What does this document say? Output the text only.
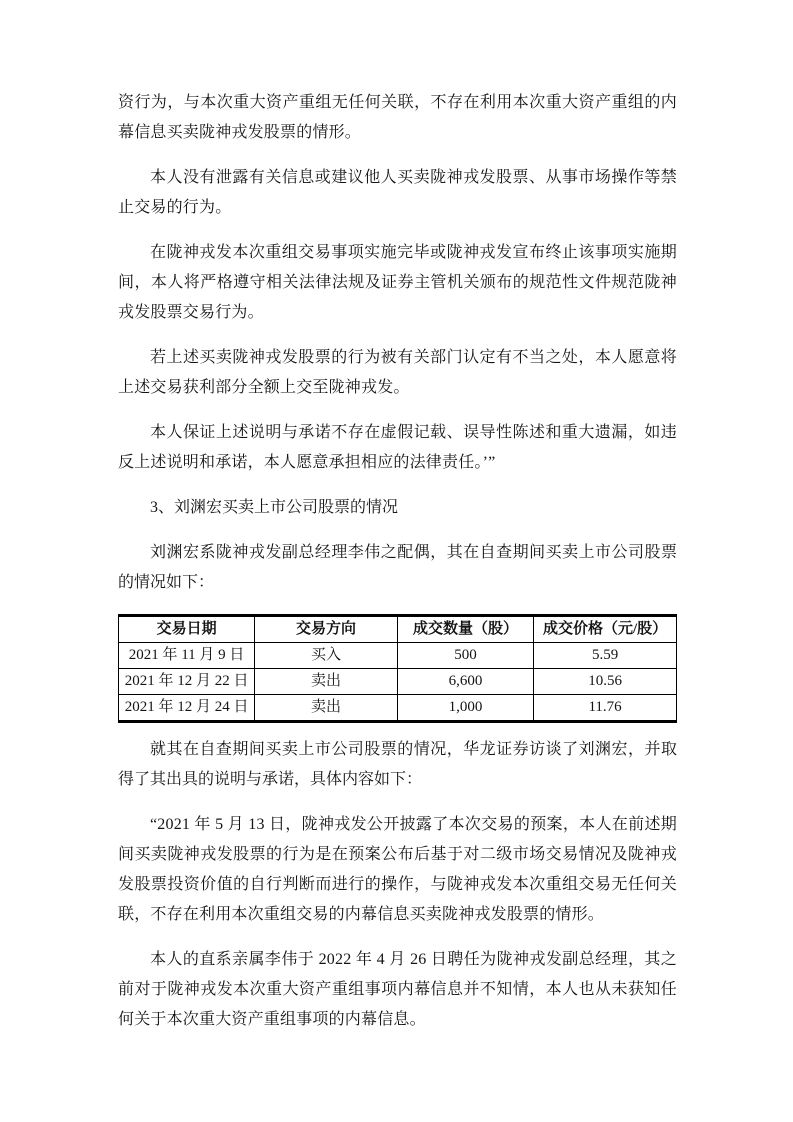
资行为，与本次重大资产重组无任何关联，不存在利用本次重大资产重组的内幕信息买卖陇神戎发股票的情形。

本人没有泄露有关信息或建议他人买卖陇神戎发股票、从事市场操作等禁止交易的行为。

在陇神戎发本次重组交易事项实施完毕或陇神戎发宣布终止该事项实施期间，本人将严格遵守相关法律法规及证券主管机关颁布的规范性文件规范陇神戎发股票交易行为。

若上述买卖陇神戎发股票的行为被有关部门认定有不当之处，本人愿意将上述交易获利部分全额上交至陇神戎发。

本人保证上述说明与承诺不存在虚假记载、误导性陈述和重大遗漏，如违反上述说明和承诺，本人愿意承担相应的法律责任。’”

3、刘渊宏买卖上市公司股票的情况

刘渊宏系陇神戎发副总经理李伟之配偶，其在自查期间买卖上市公司股票的情况如下：

交易日期	交易方向	成交数量（股）	成交价格（元/股）
2021 年 11 月 9 日	买入	500	5.59
2021 年 12 月 22 日	卖出	6,600	10.56
2021 年 12 月 24 日	卖出	1,000	11.76

就其在自查期间买卖上市公司股票的情况，华龙证券访谈了刘渊宏，并取得了其出具的说明与承诺，具体内容如下：

“2021 年 5 月 13 日，陇神戎发公开披露了本次交易的预案，本人在前述期间买卖陇神戎发股票的行为是在预案公布后基于对二级市场交易情况及陇神戎发股票投资价值的自行判断而进行的操作，与陇神戎发本次重组交易无任何关联，不存在利用本次重组交易的内幕信息买卖陇神戎发股票的情形。

本人的直系亲属李伟于 2022 年 4 月 26 日聘任为陇神戎发副总经理，其之前对于陇神戎发本次重大资产重组事项内幕信息并不知情，本人也从未获知任何关于本次重大资产重组事项的内幕信息。
